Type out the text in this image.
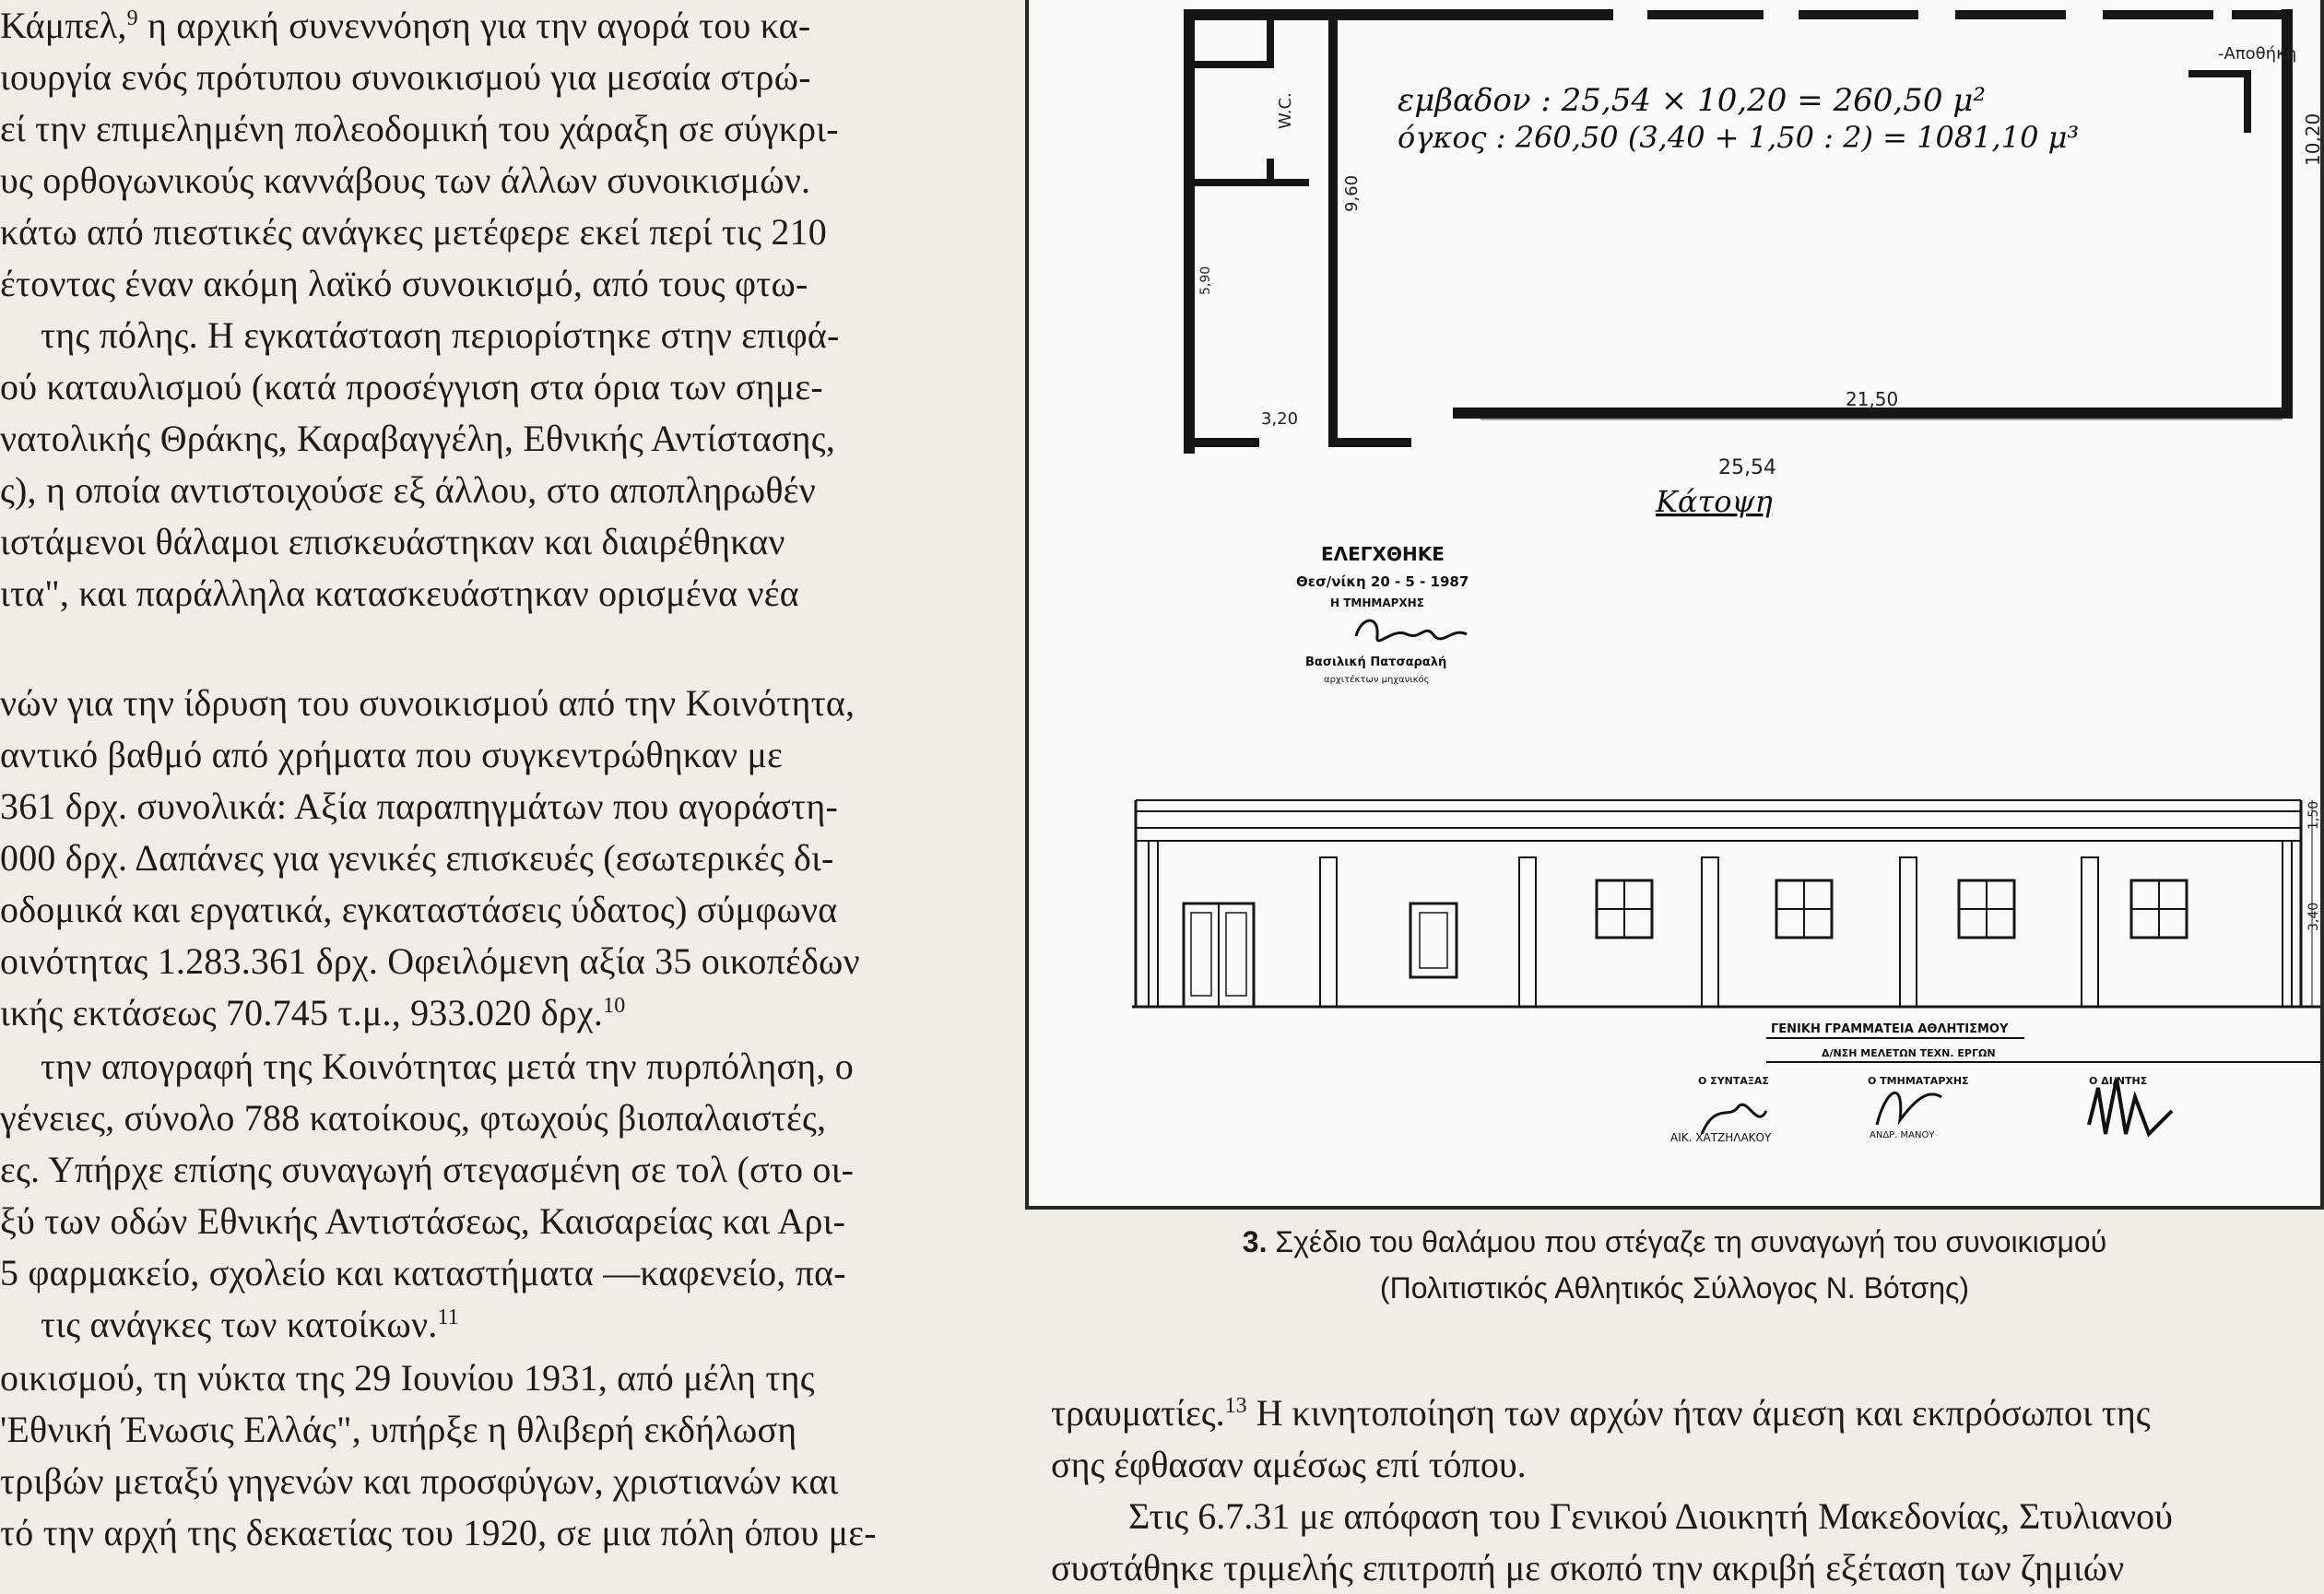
Κάμπελ,$^9$ η αρχική συνεννόηση για την αγορά του κα-
ιουργία ενός πρότυπου συνοικισμού για μεσαία στρώ-
εί την επιμελημένη πολεοδομική του χάραξη σε σύγκρι-
υς ορθογωνικούς καννάβους των άλλων συνοικισμών.
κάτω από πιεστικές ανάγκες μετέφερε εκεί περί τις 210
έτοντας έναν ακόμη λαϊκό συνοικισμό, από τους φτω-
της πόλης. Η εγκατάσταση περιορίστηκε στην επιφά-
ού καταυλισμού (κατά προσέγγιση στα όρια των σημε-
νατολικής Θράκης, Καραβαγγέλη, Εθνικής Αντίστασης,
ς), η οποία αντιστοιχούσε εξ άλλου, στο αποπληρωθέν
ιστάμενοι θάλαμοι επισκευάστηκαν και διαιρέθηκαν
ιτα", και παράλληλα κατασκευάστηκαν ορισμένα νέα
νών για την ίδρυση του συνοικισμού από την Κοινότητα,
αντικό βαθμό από χρήματα που συγκεντρώθηκαν με
361 δρχ. συνολικά: Αξία παραπηγμάτων που αγοράστη-
000 δρχ. Δαπάνες για γενικές επισκευές (εσωτερικές δι-
οδομικά και εργατικά, εγκαταστάσεις ύδατος) σύμφωνα
οινότητας 1.283.361 δρχ. Οφειλόμενη αξία 35 οικοπέδων
ικής εκτάσεως 70.745 τ.μ., 933.020 δρχ.$^{10}$
την απογραφή της Κοινότητας μετά την πυρπόληση, ο
γένειες, σύνολο 788 κατοίκους, φτωχούς βιοπαλαιστές,
ες. Υπήρχε επίσης συναγωγή στεγασμένη σε τολ (στο οι-
ξύ των οδών Εθνικής Αντιστάσεως, Καισαρείας και Αρι-
5 φαρμακείο, σχολείο και καταστήματα —καφενείο, πα-
τις ανάγκες των κατοίκων.$^{11}$
οικισμού, τη νύκτα της 29 Ιουνίου 1931, από μέλη της
'Εθνική Ένωσις Ελλάς", υπήρξε η θλιβερή εκδήλωση
τριβών μεταξύ γηγενών και προσφύγων, χριστιανών και
τό την αρχή της δεκαετίας του 1920, σε μια πόλη όπου με-
-Αποθήκη
W.C.	εμβαδον : 25,54 × 10,20 = 260,50 μ²
όγκος : 260,50 (3,40 + 1,50 : 2) = 1081,10 μ³	10,20
9,60
5,90
3,20
21,50
25,54
Κάτοψη
ΕΛΕΓΧΘΗΚΕ
Θεσ/νίκη 20 - 5 - 1987
Η ΤΜΗΜΑΡΧΗΣ
Βασιλική Πατσαραλή
αρχιτέκτων μηχανικός
1,50
3,40
ΓΕΝΙΚΗ ΓΡΑΜΜΑΤΕΙΑ ΑΘΛΗΤΙΣΜΟΥ
Δ/ΝΣΗ ΜΕΛΕΤΩΝ ΤΕΧΝ. ΕΡΓΩΝ
Ο ΣΥΝΤΑΞΑΣ	Ο ΤΜΗΜΑΤΑΡΧΗΣ	Ο ΔΙ/ΝΤΗΣ
ΑΙΚ. ΧΑΤΖΗΛΑΚΟΥ	ΑΝΔΡ. ΜΑΝΟΥ
3. Σχέδιο του θαλάμου που στέγαζε τη συναγωγή του συνοικισμού
(Πολιτιστικός Αθλητικός Σύλλογος Ν. Βότσης)
τραυματίες.$^{13}$ Η κινητοποίηση των αρχών ήταν άμεση και εκπρόσωποι της
σης έφθασαν αμέσως επί τόπου.
Στις 6.7.31 με απόφαση του Γενικού Διοικητή Μακεδονίας, Στυλιανού
συστάθηκε τριμελής επιτροπή με σκοπό την ακριβή εξέταση των ζημιών
